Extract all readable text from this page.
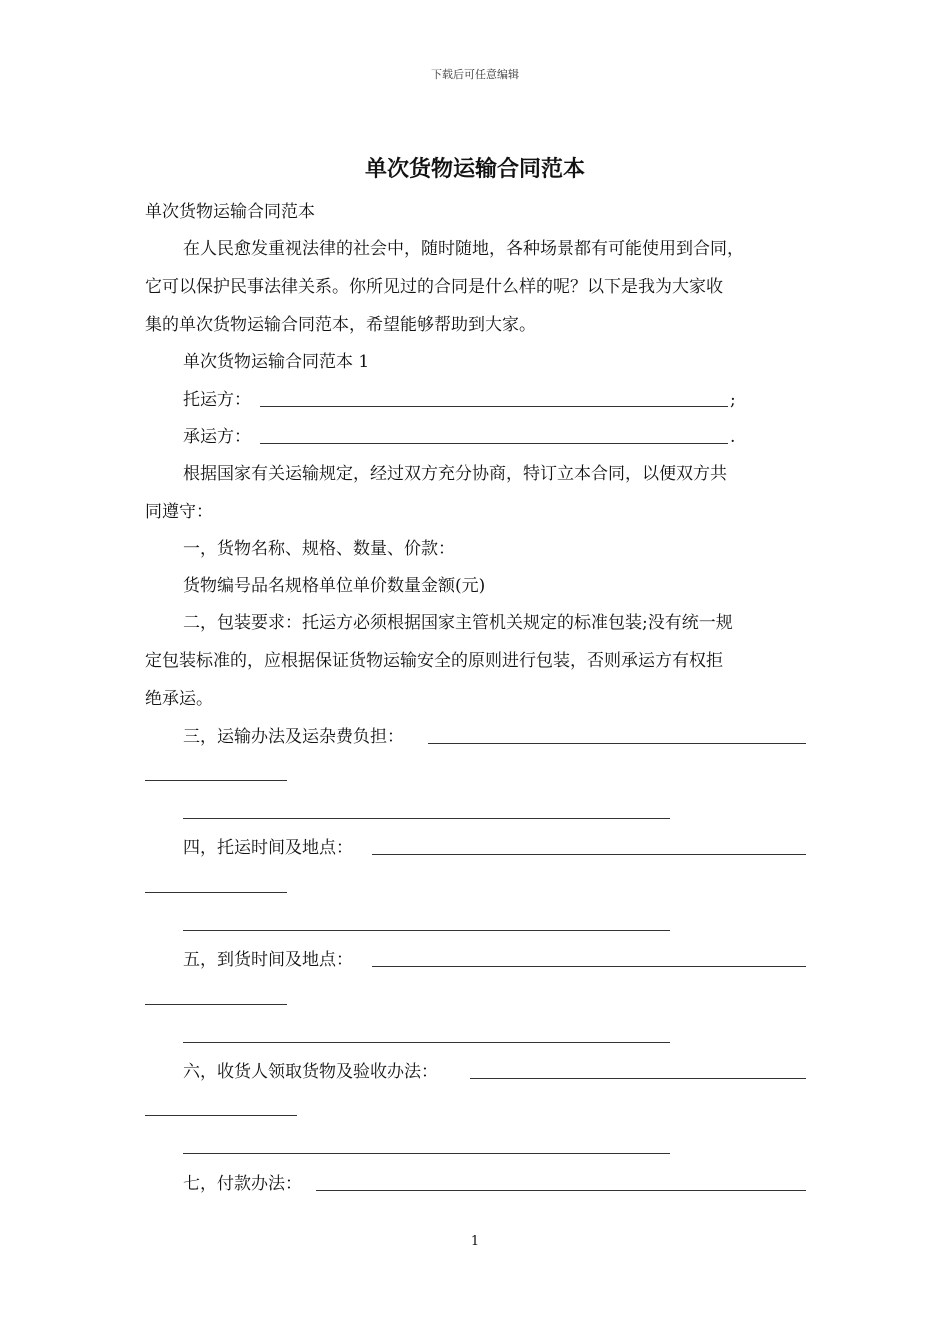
下载后可任意编辑
单次货物运输合同范本
单次货物运输合同范本
在人民愈发重视法律的社会中，随时随地，各种场景都有可能使用到合同，
它可以保护民事法律关系。你所见过的合同是什么样的呢？以下是我为大家收
集的单次货物运输合同范本，希望能够帮助到大家。
单次货物运输合同范本 1
托运方：	;
承运方：	.
根据国家有关运输规定，经过双方充分协商，特订立本合同，以便双方共
同遵守：
一，货物名称、规格、数量、价款：
货物编号品名规格单位单价数量金额(元)
二，包装要求：托运方必须根据国家主管机关规定的标准包装;没有统一规
定包装标准的，应根据保证货物运输安全的原则进行包装，否则承运方有权拒
绝承运。
三，运输办法及运杂费负担：
四，托运时间及地点：
五，到货时间及地点：
六，收货人领取货物及验收办法：
七，付款办法：
1
